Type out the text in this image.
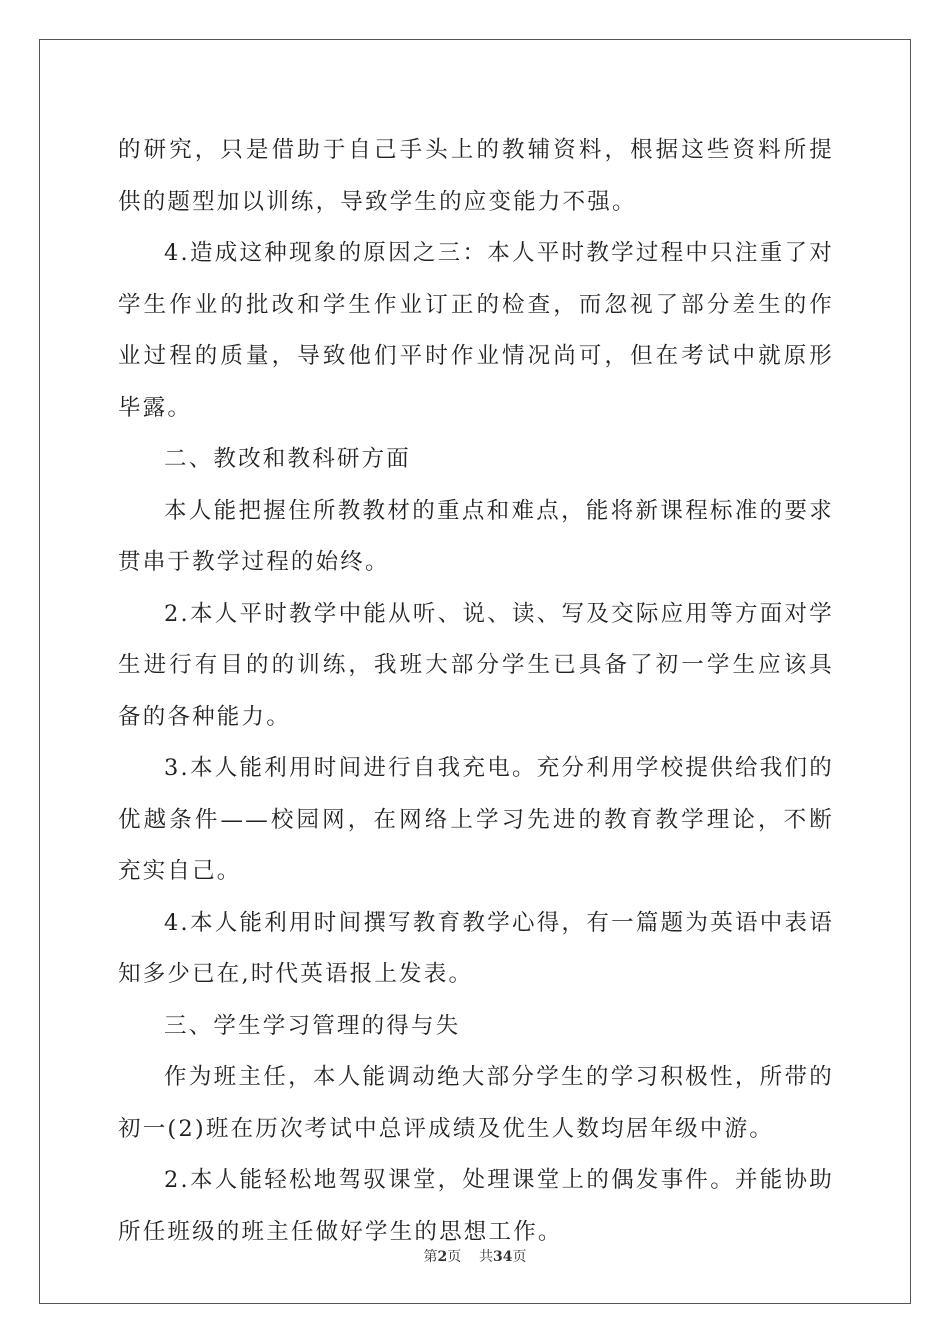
的研究，只是借助于自己手头上的教辅资料，根据这些资料所提供的题型加以训练，导致学生的应变能力不强。

4.造成这种现象的原因之三：本人平时教学过程中只注重了对学生作业的批改和学生作业订正的检查，而忽视了部分差生的作业过程的质量，导致他们平时作业情况尚可，但在考试中就原形毕露。

二、教改和教科研方面

本人能把握住所教教材的重点和难点，能将新课程标准的要求贯串于教学过程的始终。

2.本人平时教学中能从听、说、读、写及交际应用等方面对学生进行有目的的训练，我班大部分学生已具备了初一学生应该具备的各种能力。

3.本人能利用时间进行自我充电。充分利用学校提供给我们的优越条件——校园网，在网络上学习先进的教育教学理论，不断充实自己。

4.本人能利用时间撰写教育教学心得，有一篇题为英语中表语知多少已在,时代英语报上发表。

三、学生学习管理的得与失

作为班主任，本人能调动绝大部分学生的学习积极性，所带的初一(2)班在历次考试中总评成绩及优生人数均居年级中游。

2.本人能轻松地驾驭课堂，处理课堂上的偶发事件。并能协助所任班级的班主任做好学生的思想工作。

第2页 共34页
